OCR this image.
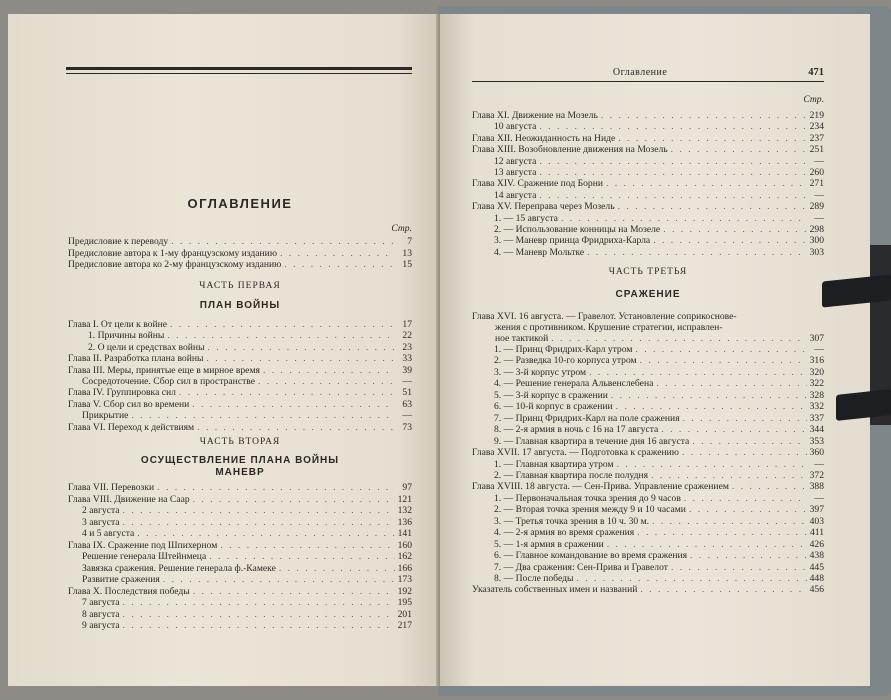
ОГЛАВЛЕНИЕ
Стр.
Предисловие к переводу . . .	7
Предисловие автора к 1-му французскому изданию . . .	13
Предисловие автора ко 2-му французскому изданию . . .	15
ЧАСТЬ ПЕРВАЯ
ПЛАН ВОЙНЫ
Глава I. От цели к войне . . .	17
1. Причины войны . . .	22
2. О цели и средствах войны . . .	23
Глава II. Разработка плана войны . . .	33
Глава III. Меры, принятые еще в мирное время . . .	39
Сосредоточение. Сбор сил в пространстве . . .	—
Глава IV. Группировка сил . . .	51
Глава V. Сбор сил во времени . . .	63
Прикрытие . . .	—
Глава VI. Переход к действиям . . .	73
ЧАСТЬ ВТОРАЯ
ОСУЩЕСТВЛЕНИЕ ПЛАНА ВОЙНЫ
МАНЕВР
Глава VII. Перевозки . . .	97
Глава VIII. Движение на Саар . . .	121
2 августа . . .	132
3 августа . . .	136
4 и 5 августа . . .	141
Глава IX. Сражение под Шпихерном . . .	160
Решение генерала Штейнмеца . . .	162
Завязка сражения. Решение генерала ф.-Камеке . . .	166
Развитие сражения . . .	173
Глава X. Последствия победы . . .	192
7 августа . . .	195
8 августа . . .	201
9 августа . . .	217
Оглавление	471
Стр.
Глава XI. Движение на Мозель . . .	219
10 августа . . .	234
Глава XII. Неожиданность на Ниде . . .	237
Глава XIII. Возобновление движения на Мозель . . .	251
12 августа . . .	—
13 августа . . .	260
Глава XIV. Сражение под Борни . . .	271
14 августа . . .	—
Глава XV. Переправа через Мозель . . .	289
1. — 15 августа . . .	—
2. — Использование конницы на Мозеле . . .	298
3. — Маневр принца Фридриха-Карла . . .	300
4. — Маневр Мольтке . . .	303
ЧАСТЬ ТРЕТЬЯ
СРАЖЕНИЕ
Глава XVI. 16 августа. — Гравелот. Установление соприкоснове-
жения с противником. Крушение стратегии, исправлен-
ное тактикой . . .	307
1. — Принц Фридрих-Карл утром . . .	—
2. — Разведка 10-го корпуса утром . . .	316
3. — 3-й корпус утром . . .	320
4. — Решение генерала Альвенслебена . . .	322
5. — 3-й корпус в сражении . . .	328
6. — 10-й корпус в сражении . . .	332
7. — Принц Фридрих-Карл на поле сражения . . .	337
8. — 2-я армия в ночь с 16 на 17 августа . . .	344
9. — Главная квартира в течение дня 16 августа . . .	353
Глава XVII. 17 августа. — Подготовка к сражению . . .	360
1. — Главная квартира утром . . .	—
2. — Главная квартира после полудня . . .	372
Глава XVIII. 18 августа. — Сен-Прива. Управление сражением . . .	388
1. — Первоначальная точка зрения до 9 часов . . .	—
2. — Вторая точка зрения между 9 и 10 часами . . .	397
3. — Третья точка зрения в 10 ч. 30 м. . . .	403
4. — 2-я армия во время сражения . . .	411
5. — 1-я армия в сражении . . .	426
6. — Главное командование во время сражения . . .	438
7. — Два сражения: Сен-Прива и Гравелот . . .	445
8. — После победы . . .	448
Указатель собственных имен и названий . . .	456
